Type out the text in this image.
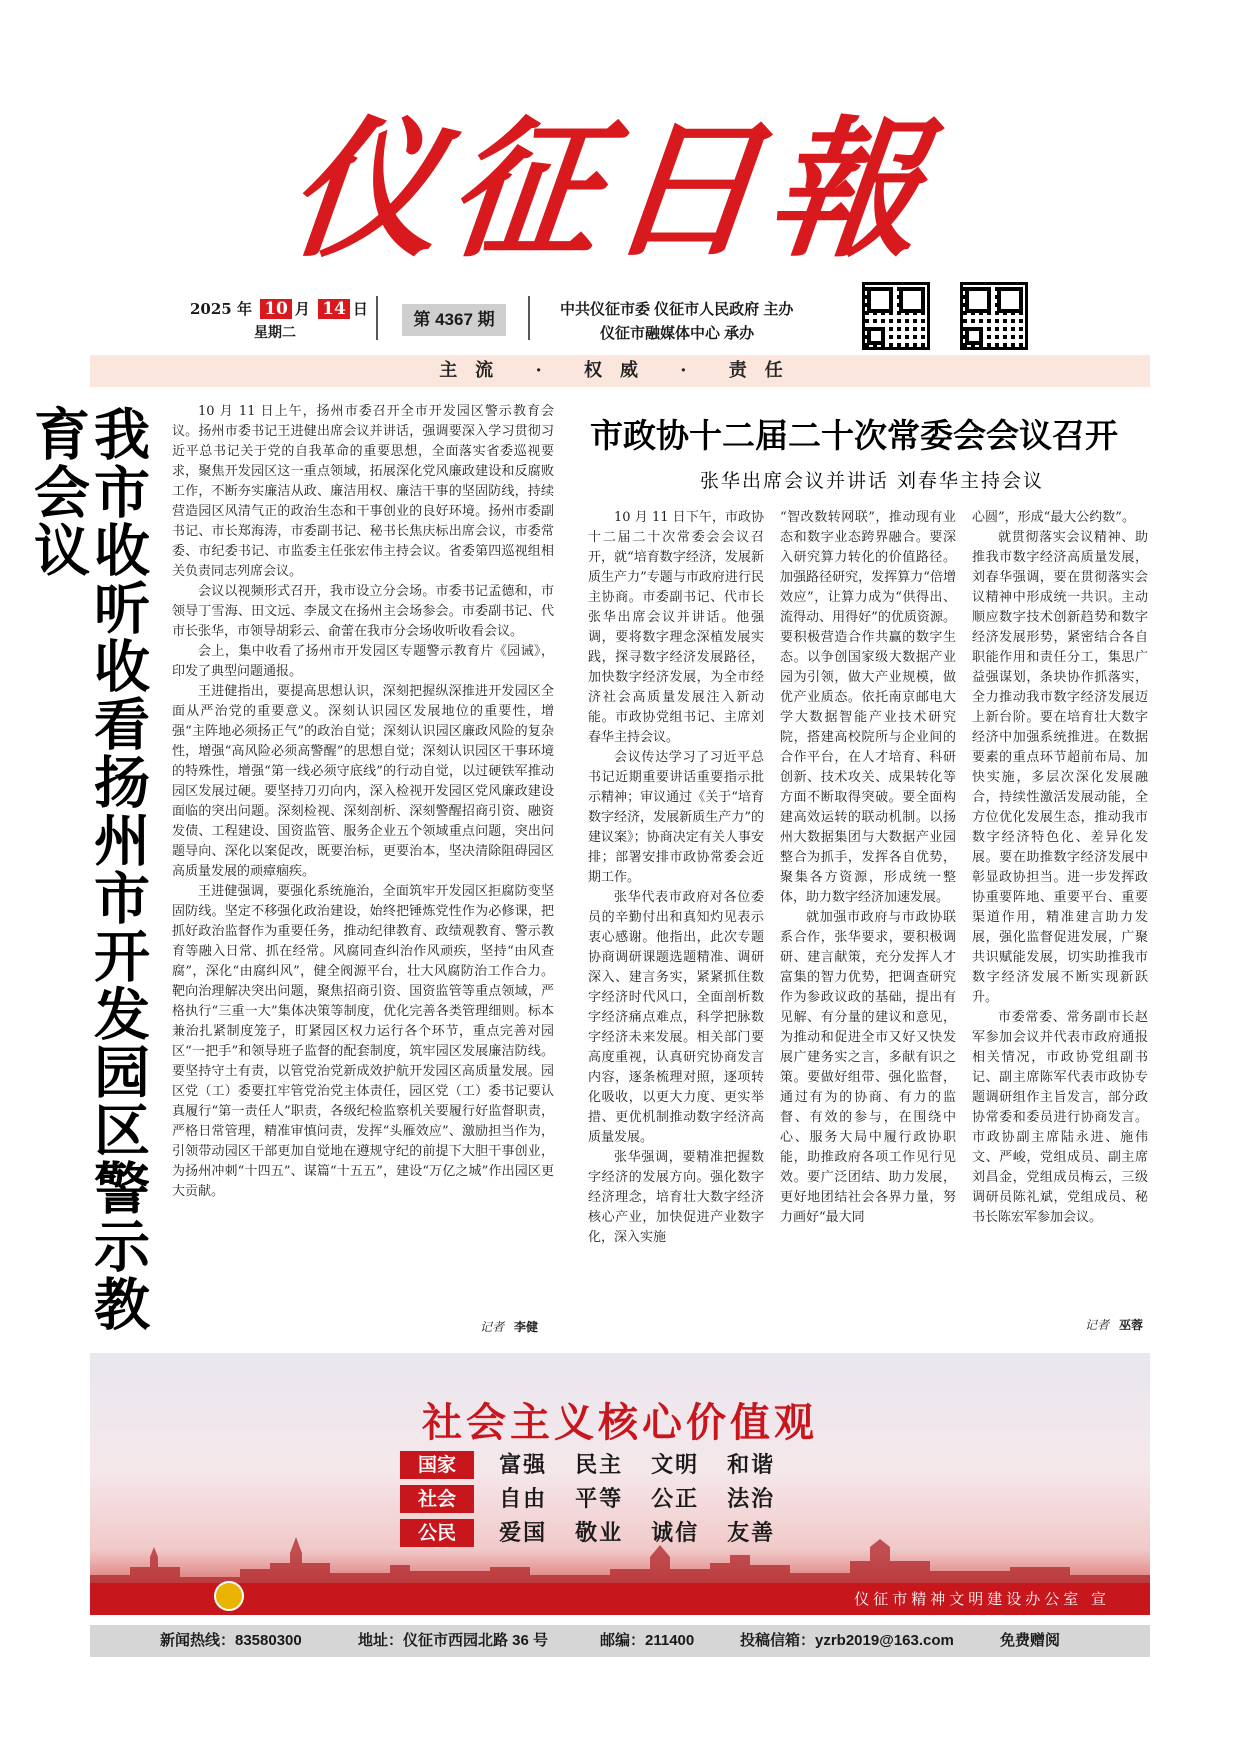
仪征日報
2025 年 10 月 14 日
星期二
第 4367 期
中共仪征市委 仪征市人民政府 主办
仪征市融媒体中心 承办
主流 · 权威 · 责任
我市收听收看扬州市开发园区警示教育会议	10 月 11 日上午，扬州市委召开全市开发园区警示教育会议。扬州市委书记王进健出席会议并讲话，强调要深入学习贯彻习近平总书记关于党的自我革命的重要思想，全面落实省委巡视要求，聚焦开发园区这一重点领域，拓展深化党风廉政建设和反腐败工作，不断夯实廉洁从政、廉洁用权、廉洁干事的坚固防线，持续营造园区风清气正的政治生态和干事创业的良好环境。扬州市委副书记、市长郑海涛，市委副书记、秘书长焦庆标出席会议，市委常委、市纪委书记、市监委主任张宏伟主持会议。省委第四巡视组相关负责同志列席会议。

会议以视频形式召开，我市设立分会场。市委书记孟德和，市领导丁雪海、田文远、李晟文在扬州主会场参会。市委副书记、代市长张华，市领导胡彩云、俞蕾在我市分会场收听收看会议。

会上，集中收看了扬州市开发园区专题警示教育片《园诫》，印发了典型问题通报。

王进健指出，要提高思想认识，深刻把握纵深推进开发园区全面从严治党的重要意义。深刻认识园区发展地位的重要性，增强“主阵地必须扬正气”的政治自觉；深刻认识园区廉政风险的复杂性，增强“高风险必须高警醒”的思想自觉；深刻认识园区干事环境的特殊性，增强“第一线必须守底线”的行动自觉，以过硬铁军推动园区发展过硬。要坚持刀刃向内，深入检视开发园区党风廉政建设面临的突出问题。深刻检视、深刻剖析、深刻警醒招商引资、融资发债、工程建设、国资监管、服务企业五个领域重点问题，突出问题导向、深化以案促改，既要治标，更要治本，坚决清除阻碍园区高质量发展的顽瘴痼疾。

王进健强调，要强化系统施治，全面筑牢开发园区拒腐防变坚固防线。坚定不移强化政治建设，始终把锤炼党性作为必修课，把抓好政治监督作为重要任务，推动纪律教育、政绩观教育、警示教育等融入日常、抓在经常。风腐同查纠治作风顽疾，坚持“由风查腐”，深化“由腐纠风”，健全阀源平台，壮大风腐防治工作合力。靶向治理解决突出问题，聚焦招商引资、国资监管等重点领域，严格执行“三重一大”集体决策等制度，优化完善各类管理细则。标本兼治扎紧制度笼子，盯紧园区权力运行各个环节，重点完善对园区“一把手”和领导班子监督的配套制度，筑牢园区发展廉洁防线。要坚持守土有责，以管党治党新成效护航开发园区高质量发展。园区党（工）委要扛牢管党治党主体责任，园区党（工）委书记要认真履行“第一责任人”职责，各级纪检监察机关要履行好监督职责，严格日常管理，精准审慎问责，发挥“头雁效应”、激励担当作为，引领带动园区干部更加自觉地在遵规守纪的前提下大胆干事创业，为扬州冲刺“十四五”、谋篇“十五五”，建设“万亿之城”作出园区更大贡献。

记者 李健
市政协十二届二十次常委会会议召开
张华出席会议并讲话 刘春华主持会议

10 月 11 日下午，市政协十二届二十次常委会会议召开，就“培育数字经济，发展新质生产力”专题与市政府进行民主协商。市委副书记、代市长张华出席会议并讲话。他强调，要将数字理念深植发展实践，探寻数字经济发展路径，加快数字经济发展，为全市经济社会高质量发展注入新动能。市政协党组书记、主席刘春华主持会议。

会议传达学习了习近平总书记近期重要讲话重要指示批示精神；审议通过《关于“培育数字经济，发展新质生产力”的建议案》；协商决定有关人事安排；部署安排市政协常委会近期工作。

张华代表市政府对各位委员的辛勤付出和真知灼见表示衷心感谢。他指出，此次专题协商调研课题选题精准、调研深入、建言务实，紧紧抓住数字经济时代风口，全面剖析数字经济痛点难点，科学把脉数字经济未来发展。相关部门要高度重视，认真研究协商发言内容，逐条梳理对照，逐项转化吸收，以更大力度、更实举措、更优机制推动数字经济高质量发展。

张华强调，要精准把握数字经济的发展方向。强化数字经济理念，培育壮大数字经济核心产业，加快促进产业数字化，深入实施

“智改数转网联”，推动现有业态和数字业态跨界融合。要深入研究算力转化的价值路径。加强路径研究，发挥算力“倍增效应”，让算力成为“供得出、流得动、用得好”的优质资源。要积极营造合作共赢的数字生态。以争创国家级大数据产业园为引领，做大产业规模，做优产业质态。依托南京邮电大学大数据智能产业技术研究院，搭建高校院所与企业间的合作平台，在人才培育、科研创新、技术攻关、成果转化等方面不断取得突破。要全面构建高效运转的联动机制。以扬州大数据集团与大数据产业园整合为抓手，发挥各自优势，聚集各方资源，形成统一整体，助力数字经济加速发展。

就加强市政府与市政协联系合作，张华要求，要积极调研、建言献策，充分发挥人才富集的智力优势，把调查研究作为参政议政的基础，提出有见解、有分量的建议和意见，为推动和促进全市又好又快发展广建务实之言，多献有识之策。要做好组带、强化监督，通过有为的协商、有力的监督、有效的参与，在围绕中心、服务大局中履行政协职能，助推政府各项工作见行见效。要广泛团结、助力发展，更好地团结社会各界力量，努力画好“最大同

心圆”，形成“最大公约数”。

就贯彻落实会议精神、助推我市数字经济高质量发展，刘春华强调，要在贯彻落实会议精神中形成统一共识。主动顺应数字技术创新趋势和数字经济发展形势，紧密结合各自职能作用和责任分工，集思广益强谋划，条块协作抓落实，全力推动我市数字经济发展迈上新台阶。要在培育壮大数字经济中加强系统推进。在数据要素的重点环节超前布局、加快实施，多层次深化发展融合，持续性激活发展动能，全方位优化发展生态，推动我市数字经济特色化、差异化发展。要在助推数字经济发展中彰显政协担当。进一步发挥政协重要阵地、重要平台、重要渠道作用，精准建言助力发展，强化监督促进发展，广聚共识赋能发展，切实助推我市数字经济发展不断实现新跃升。

市委常委、常务副市长赵军参加会议并代表市政府通报相关情况，市政协党组副书记、副主席陈军代表市政协专题调研组作主旨发言，部分政协常委和委员进行协商发言。市政协副主席陆永进、施伟文、严峻，党组成员、副主席刘昌金，党组成员梅云，三级调研员陈礼斌，党组成员、秘书长陈宏军参加会议。

记者 巫蓉
社会主义核心价值观
国家 富强 民主 文明 和谐
社会 自由 平等 公正 法治
公民 爱国 敬业 诚信 友善
仪征市精神文明建设办公室 宣
新闻热线：83580300	地址：仪征市西园北路 36 号	邮编：211400	投稿信箱：yzrb2019@163.com	免费赠阅
